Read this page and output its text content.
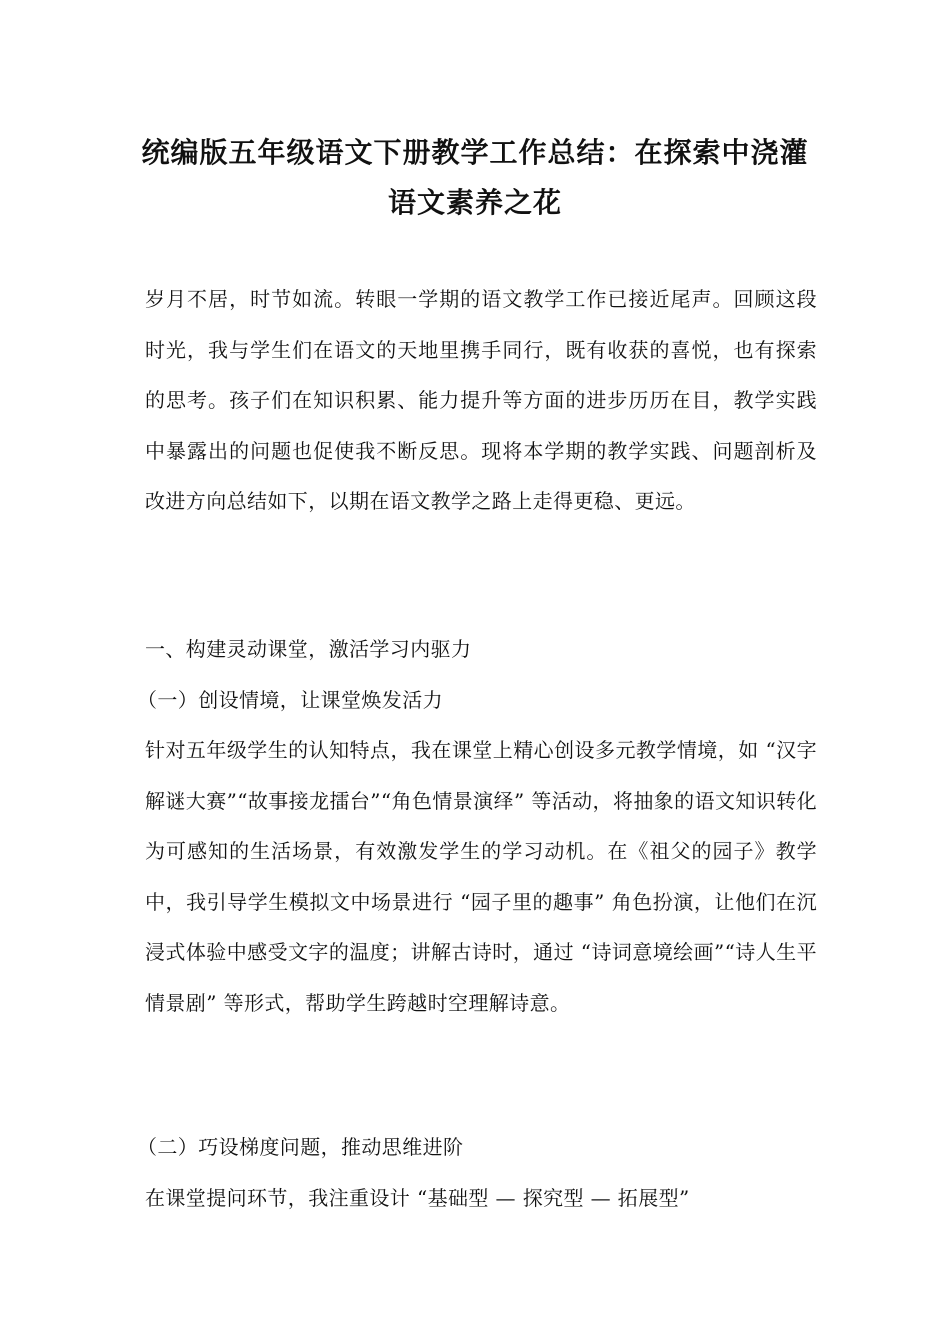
统编版五年级语文下册教学工作总结：在探索中浇灌
语文素养之花

岁月不居，时节如流。转眼一学期的语文教学工作已接近尾声。回顾这段时光，我与学生们在语文的天地里携手同行，既有收获的喜悦，也有探索的思考。孩子们在知识积累、能力提升等方面的进步历历在目，教学实践中暴露出的问题也促使我不断反思。现将本学期的教学实践、问题剖析及改进方向总结如下，以期在语文教学之路上走得更稳、更远。

一、构建灵动课堂，激活学习内驱力

（一）创设情境，让课堂焕发活力

针对五年级学生的认知特点，我在课堂上精心创设多元教学情境，如 “汉字解谜大赛”“故事接龙擂台”“角色情景演绎” 等活动，将抽象的语文知识转化为可感知的生活场景，有效激发学生的学习动机。在《祖父的园子》教学中，我引导学生模拟文中场景进行 “园子里的趣事” 角色扮演，让他们在沉浸式体验中感受文字的温度；讲解古诗时，通过 “诗词意境绘画”“诗人生平情景剧” 等形式，帮助学生跨越时空理解诗意。

（二）巧设梯度问题，推动思维进阶

在课堂提问环节，我注重设计 “基础型 — 探究型 — 拓展型”
